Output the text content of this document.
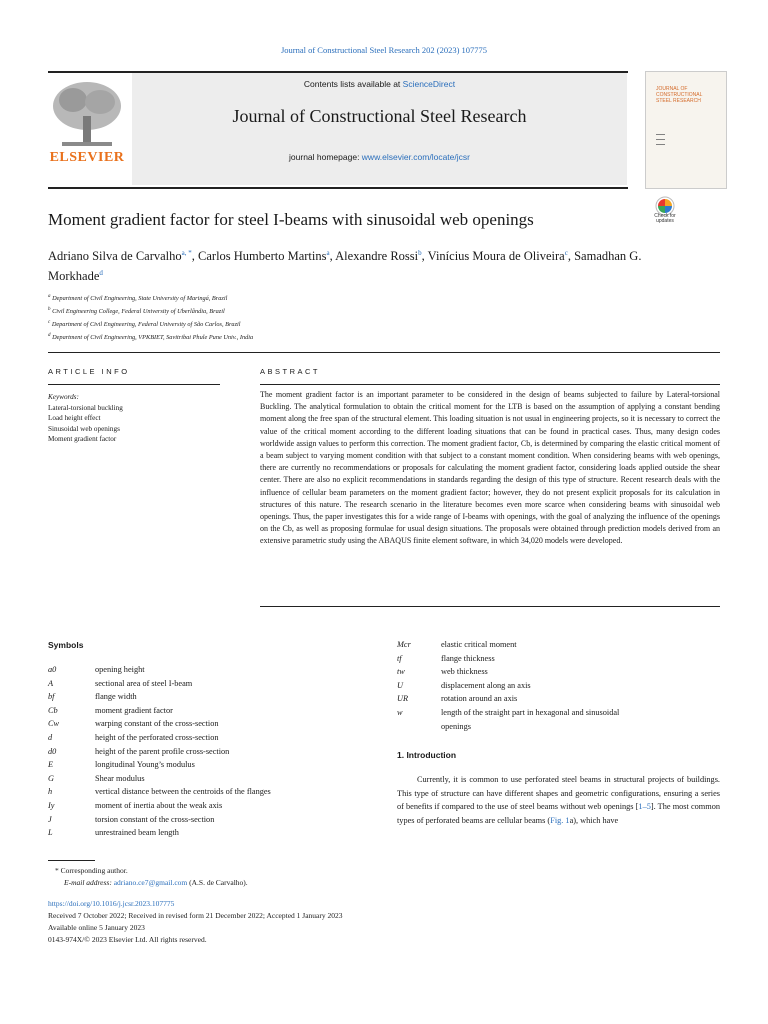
Journal of Constructional Steel Research 202 (2023) 107775
ELSEVIER
Contents lists available at ScienceDirect
Journal of Constructional Steel Research
journal homepage: www.elsevier.com/locate/jcsr
JOURNAL OF CONSTRUCTIONAL STEEL RESEARCH
▬▬▬
▬▬▬
▬▬▬
Moment gradient factor for steel I-beams with sinusoidal web openings	Check for
updates
Adriano Silva de Carvalho$^{a, *}$, Carlos Humberto Martins$^a$, Alexandre Rossi$^b$, Vinícius Moura de Oliveira$^c$, Samadhan G. Morkhade$^d$
$^a$ Department of Civil Engineering, State University of Maringá, Brazil
$^b$ Civil Engineering College, Federal University of Uberlândia, Brazil
$^c$ Department of Civil Engineering, Federal University of São Carlos, Brazil
$^d$ Department of Civil Engineering, VPKBIET, Savitribai Phule Pune Univ., India
ARTICLE INFO	ABSTRACT
Keywords:
Lateral-torsional buckling
Load height effect
Sinusoidal web openings
Moment gradient factor
The moment gradient factor is an important parameter to be considered in the design of beams subjected to failure by Lateral-torsional Buckling. The analytical formulation to obtain the critical moment for the LTB is based on the assumption of applying a constant bending moment along the free span of the structural element. This loading situation is not usual in engineering projects, so it is necessary to correct the value of the critical moment according to the different loading situations that can be found in practical cases. Thus, many design codes worldwide assign values to perform this correction. The moment gradient factor, Cb, is determined by comparing the elastic critical moment of a beam subject to varying moment condition with that subject to a constant moment condition. When considering beams with web openings, there are currently no recommendations or proposals for calculating the moment gradient factor, considering loads applied outside the shear center. There are also no explicit recommendations in standards regarding the design of this type of structure. Recent research deals with the influence of cellular beam parameters on the moment gradient factor; however, they do not present explicit proposals for its calculation in structures of this nature. The research scenario in the literature becomes even more scarce when considering beams with sinusoidal web openings. Thus, the paper investigates this for a wide range of I-beams with openings, with the goal of analyzing the influence of the openings on the Cb, as well as proposing formulae for usual design situations. The proposals were obtained through prediction models derived from an extensive parametric study using the ABAQUS finite element software, in which 34,020 models were developed.
Symbols
a0	opening height
A	sectional area of steel I-beam
bf	flange width
Cb	moment gradient factor
Cw	warping constant of the cross-section
d	height of the perforated cross-section
d0	height of the parent profile cross-section
E	longitudinal Young’s modulus
G	Shear modulus
h	vertical distance between the centroids of the flanges
Iy	moment of inertia about the weak axis
J	torsion constant of the cross-section
L	unrestrained beam length
Mcr	elastic critical moment
tf	flange thickness
tw	web thickness
U	displacement along an axis
UR	rotation around an axis
w	length of the straight part in hexagonal and sinusoidal
openings
1. Introduction
Currently, it is common to use perforated steel beams in structural projects of buildings. This type of structure can have different shapes and geometric configurations, ensuring a series of benefits if compared to the use of steel beams without web openings [1–5]. The most common types of perforated beams are cellular beams (Fig. 1a), which have
* Corresponding author.
E-mail address: adriano.ce7@gmail.com (A.S. de Carvalho).
https://doi.org/10.1016/j.jcsr.2023.107775
Received 7 October 2022; Received in revised form 21 December 2022; Accepted 1 January 2023
Available online 5 January 2023
0143-974X/© 2023 Elsevier Ltd. All rights reserved.
